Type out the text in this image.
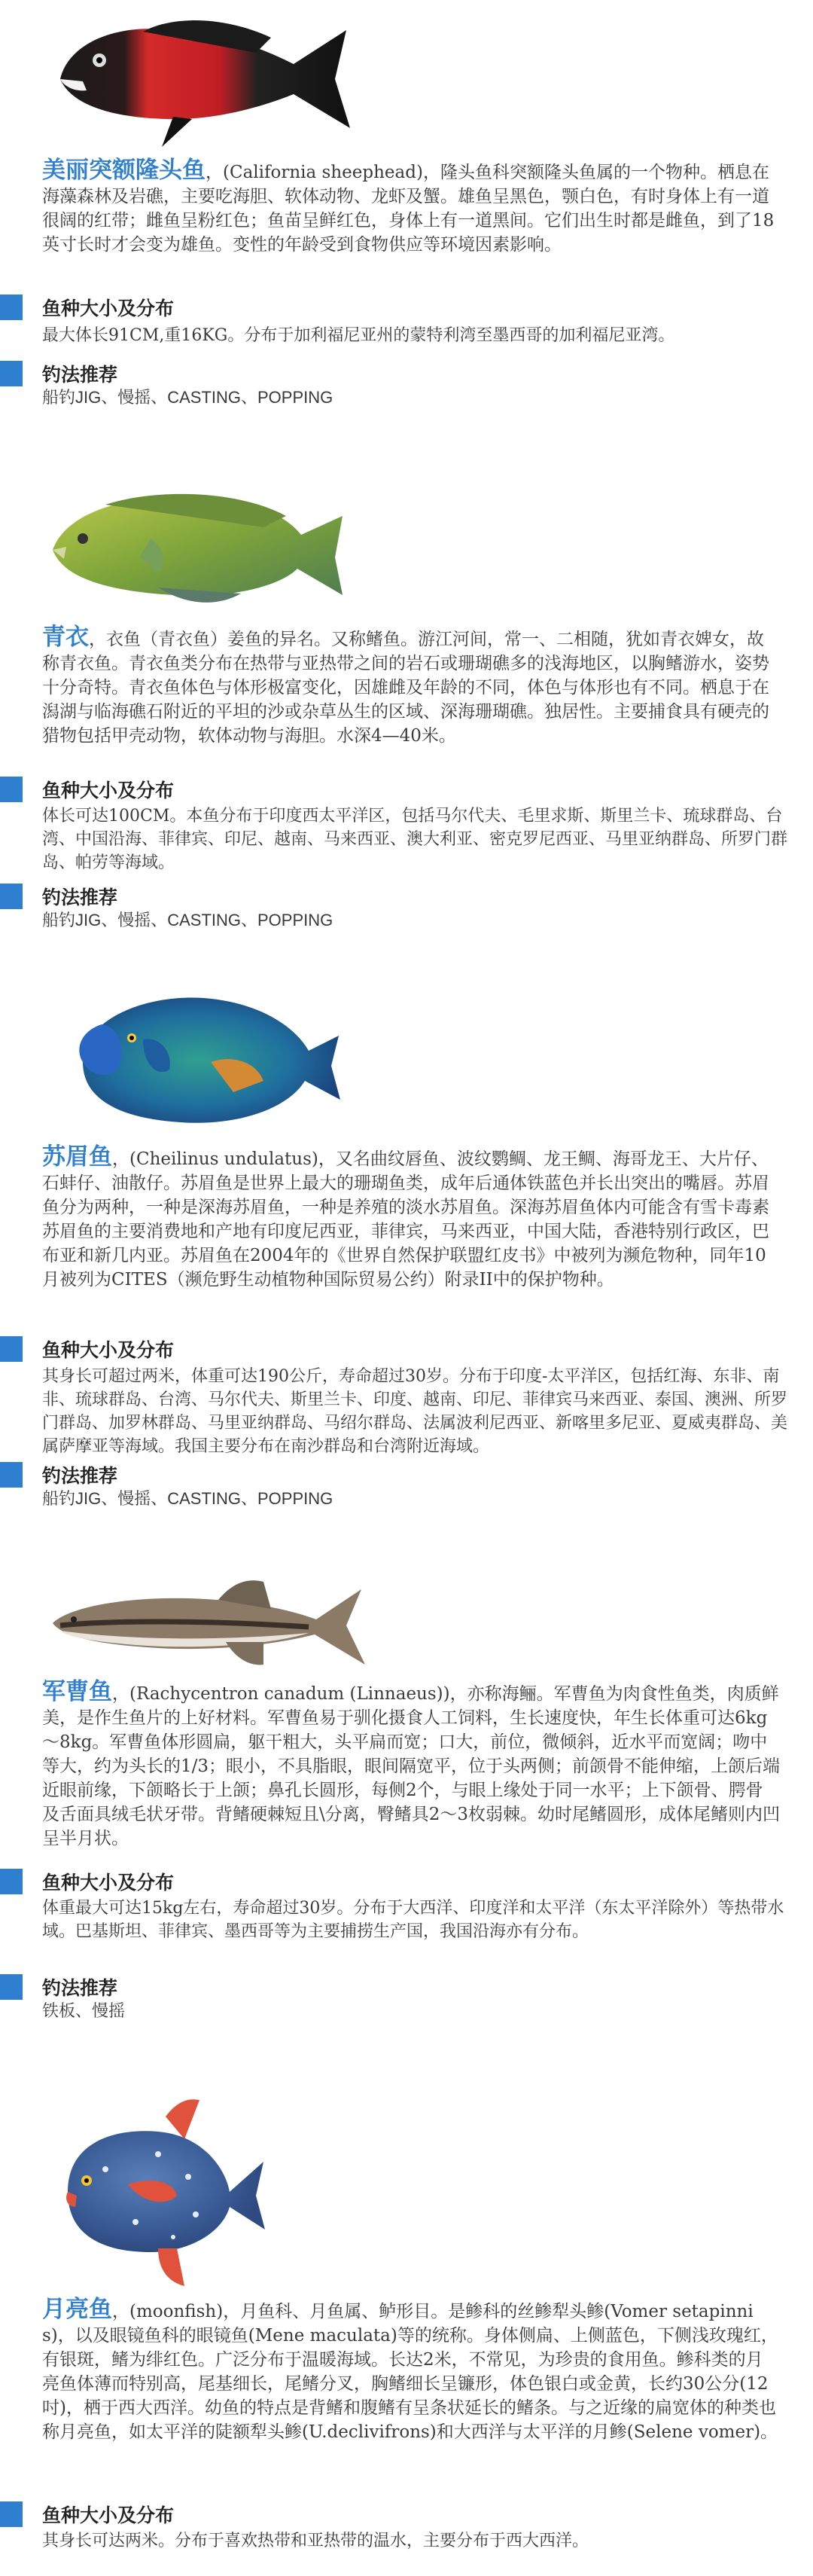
美丽突额隆头鱼，(California sheephead)，隆头鱼科突额隆头鱼属的一个物种。栖息在海藻森林及岩礁，主要吃海胆、软体动物、龙虾及蟹。雄鱼呈黑色，颚白色，有时身体上有一道很阔的红带；雌鱼呈粉红色；鱼苗呈鲜红色，身体上有一道黑间。它们出生时都是雌鱼，到了18英寸长时才会变为雄鱼。变性的年龄受到食物供应等环境因素影响。

鱼种大小及分布

最大体长91CM,重16KG。分布于加利福尼亚州的蒙特利湾至墨西哥的加利福尼亚湾。

钓法推荐
船钓JIG、慢摇、CASTING、POPPING

青衣，衣鱼（青衣鱼）姜鱼的异名。又称鳍鱼。游江河间，常一、二相随，犹如青衣婢女，故称青衣鱼。青衣鱼类分布在热带与亚热带之间的岩石或珊瑚礁多的浅海地区，以胸鳍游水，姿势十分奇特。青衣鱼体色与体形极富变化，因雄雌及年龄的不同，体色与体形也有不同。栖息于在潟湖与临海礁石附近的平坦的沙或杂草丛生的区域、深海珊瑚礁。独居性。主要捕食具有硬壳的猎物包括甲壳动物，软体动物与海胆。水深4—40米。

鱼种大小及分布

体长可达100CM。本鱼分布于印度西太平洋区，包括马尔代夫、毛里求斯、斯里兰卡、琉球群岛、台湾、中国沿海、菲律宾、印尼、越南、马来西亚、澳大利亚、密克罗尼西亚、马里亚纳群岛、所罗门群岛、帕劳等海域。

钓法推荐
船钓JIG、慢摇、CASTING、POPPING

苏眉鱼，(Cheilinus undulatus)，又名曲纹唇鱼、波纹鹦鲷、龙王鲷、海哥龙王、大片仔、石蚌仔、油散仔。苏眉鱼是世界上最大的珊瑚鱼类，成年后通体铁蓝色并长出突出的嘴唇。苏眉鱼分为两种，一种是深海苏眉鱼，一种是养殖的淡水苏眉鱼。深海苏眉鱼体内可能含有雪卡毒素苏眉鱼的主要消费地和产地有印度尼西亚，菲律宾，马来西亚，中国大陆，香港特别行政区，巴布亚和新几内亚。苏眉鱼在2004年的《世界自然保护联盟红皮书》中被列为濒危物种，同年10月被列为CITES（濒危野生动植物种国际贸易公约）附录II中的保护物种。

鱼种大小及分布

其身长可超过两米，体重可达190公斤，寿命超过30岁。分布于印度-太平洋区，包括红海、东非、南非、琉球群岛、台湾、马尔代夫、斯里兰卡、印度、越南、印尼、菲律宾马来西亚、泰国、澳洲、所罗门群岛、加罗林群岛、马里亚纳群岛、马绍尔群岛、法属波利尼西亚、新喀里多尼亚、夏威夷群岛、美属萨摩亚等海域。我国主要分布在南沙群岛和台湾附近海域。

钓法推荐
船钓JIG、慢摇、CASTING、POPPING

军曹鱼，(Rachycentron canadum (Linnaeus))，亦称海鲡。军曹鱼为肉食性鱼类，肉质鲜美，是作生鱼片的上好材料。军曹鱼易于驯化摄食人工饲料，生长速度快，年生长体重可达6kg～8kg。军曹鱼体形圆扁，躯干粗大，头平扁而宽；口大，前位，微倾斜，近水平而宽阔；吻中等大，约为头长的1/3；眼小，不具脂眼，眼间隔宽平，位于头两侧；前颌骨不能伸缩，上颌后端近眼前缘，下颌略长于上颌；鼻孔长圆形，每侧2个，与眼上缘处于同一水平；上下颌骨、腭骨及舌面具绒毛状牙带。背鳍硬棘短且\分离，臀鳍具2～3枚弱棘。幼时尾鳍圆形，成体尾鳍则内凹呈半月状。

鱼种大小及分布

体重最大可达15kg左右，寿命超过30岁。分布于大西洋、印度洋和太平洋（东太平洋除外）等热带水域。巴基斯坦、菲律宾、墨西哥等为主要捕捞生产国，我国沿海亦有分布。

钓法推荐
铁板、慢摇

月亮鱼，(moonfish)，月鱼科、月鱼属、鲈形目。是鲹科的丝鲹犁头鲹(Vomer setapinnis)，以及眼镜鱼科的眼镜鱼(Mene maculata)等的统称。身体侧扁、上侧蓝色，下侧浅玫瑰红，有银斑，鳍为绯红色。广泛分布于温暖海域。长达2米，不常见，为珍贵的食用鱼。鲹科类的月亮鱼体薄而特别高，尾基细长，尾鳍分叉，胸鳍细长呈镰形，体色银白或金黄，长约30公分(12吋)，栖于西大西洋。幼鱼的特点是背鳍和腹鳍有呈条状延长的鳍条。与之近缘的扁宽体的种类也称月亮鱼，如太平洋的陡额犁头鲹(U.declivifrons)和大西洋与太平洋的月鲹(Selene vomer)。

鱼种大小及分布

其身长可达两米。分布于喜欢热带和亚热带的温水，主要分布于西大西洋。
